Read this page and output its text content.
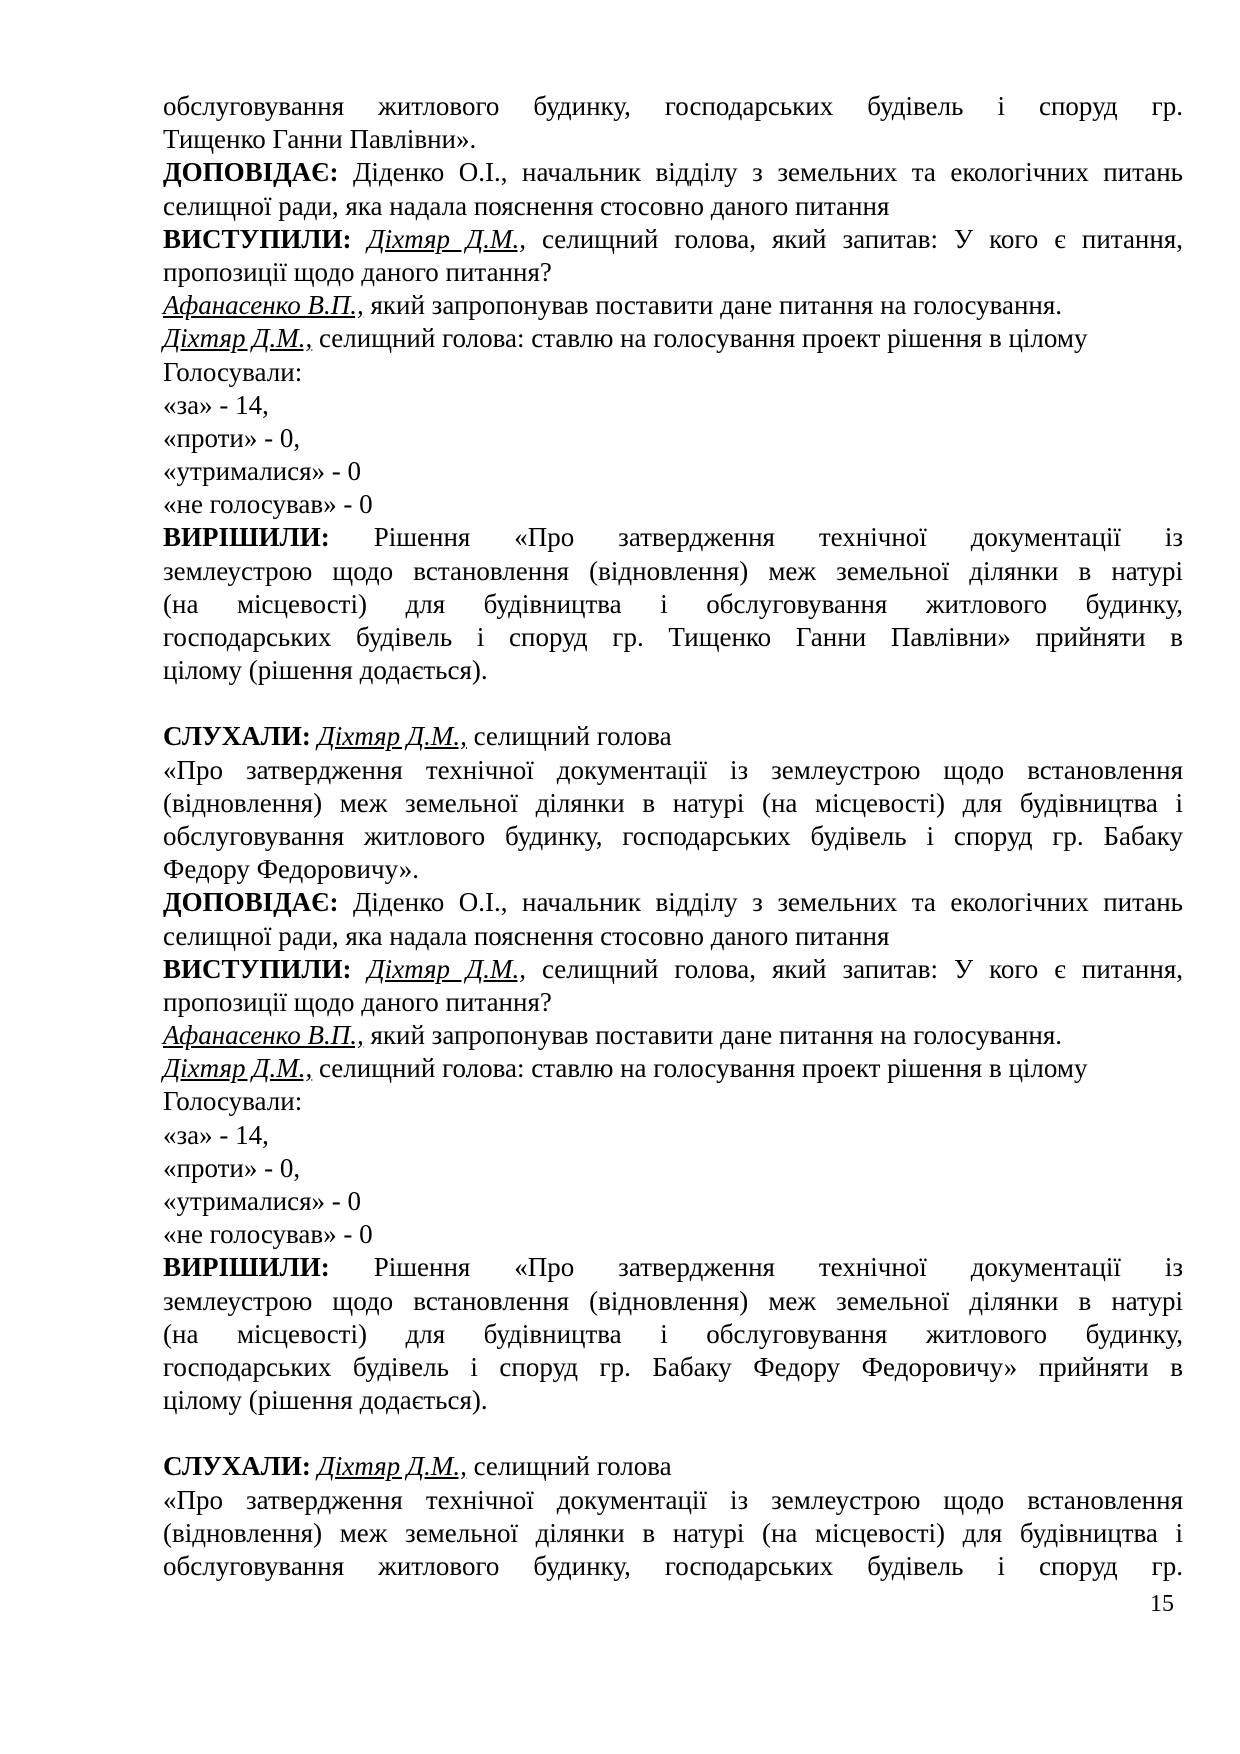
обслуговування житлового будинку, господарських будівель і споруд гр.
Тищенко Ганни Павлівни».
ДОПОВІДАЄ: Діденко О.І., начальник відділу з земельних та екологічних питань
селищної ради, яка надала пояснення стосовно даного питання
ВИСТУПИЛИ: Діхтяр Д.М., селищний голова, який запитав: У кого є питання,
пропозиції щодо даного питання?
Афанасенко В.П., який запропонував поставити дане питання на голосування.
Діхтяр Д.М., селищний голова: ставлю на голосування проект рішення в цілому
Голосували:
«за» - 14,
«проти» - 0,
«утрималися» - 0
«не голосував» - 0
ВИРІШИЛИ: Рішення «Про затвердження технічної документації із
землеустрою щодо встановлення (відновлення) меж земельної ділянки в натурі
(на місцевості) для будівництва і обслуговування житлового будинку,
господарських будівель і споруд гр. Тищенко Ганни Павлівни» прийняти в
цілому (рішення додається).
СЛУХАЛИ: Діхтяр Д.М., селищний голова
«Про затвердження технічної документації із землеустрою щодо встановлення
(відновлення) меж земельної ділянки в натурі (на місцевості) для будівництва і
обслуговування житлового будинку, господарських будівель і споруд гр. Бабаку
Федору Федоровичу».
ДОПОВІДАЄ: Діденко О.І., начальник відділу з земельних та екологічних питань
селищної ради, яка надала пояснення стосовно даного питання
ВИСТУПИЛИ: Діхтяр Д.М., селищний голова, який запитав: У кого є питання,
пропозиції щодо даного питання?
Афанасенко В.П., який запропонував поставити дане питання на голосування.
Діхтяр Д.М., селищний голова: ставлю на голосування проект рішення в цілому
Голосували:
«за» - 14,
«проти» - 0,
«утрималися» - 0
«не голосував» - 0
ВИРІШИЛИ: Рішення «Про затвердження технічної документації із
землеустрою щодо встановлення (відновлення) меж земельної ділянки в натурі
(на місцевості) для будівництва і обслуговування житлового будинку,
господарських будівель і споруд гр. Бабаку Федору Федоровичу» прийняти в
цілому (рішення додається).
СЛУХАЛИ: Діхтяр Д.М., селищний голова
«Про затвердження технічної документації із землеустрою щодо встановлення
(відновлення) меж земельної ділянки в натурі (на місцевості) для будівництва і
обслуговування житлового будинку, господарських будівель і споруд гр.
15
